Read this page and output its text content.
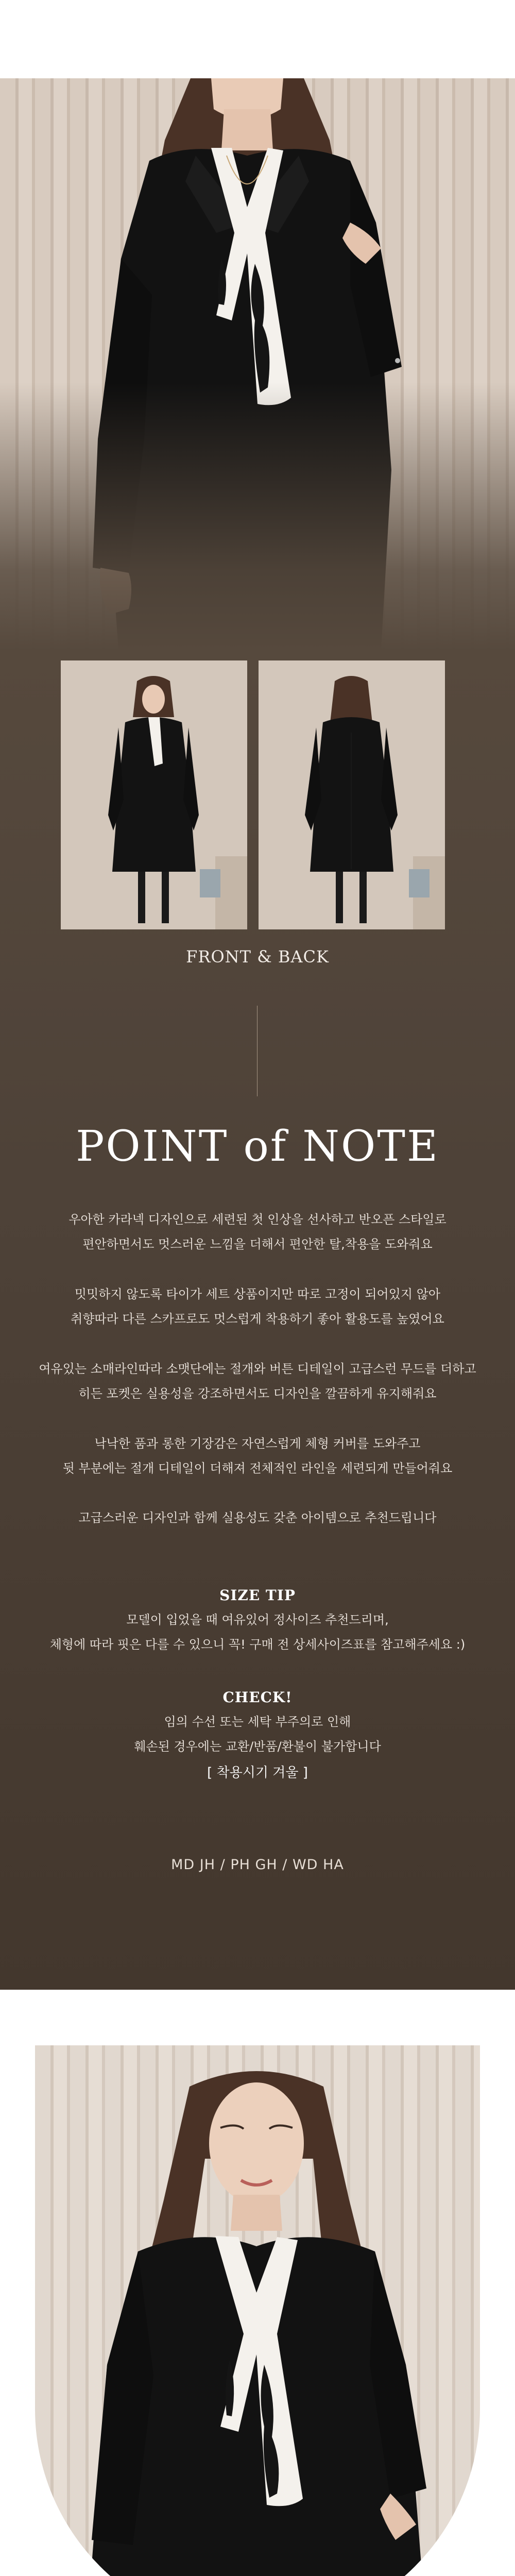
FRONT & BACK
POINT of NOTE
우아한 카라넥 디자인으로 세련된 첫 인상을 선사하고 반오픈 스타일로
편안하면서도 멋스러운 느낌을 더해서 편안한 탈,착용을 도와줘요
밋밋하지 않도록 타이가 세트 상품이지만 따로 고정이 되어있지 않아
취향따라 다른 스카프로도 멋스럽게 착용하기 좋아 활용도를 높였어요
여유있는 소매라인따라 소맷단에는 절개와 버튼 디테일이 고급스런 무드를 더하고
히든 포켓은 실용성을 강조하면서도 디자인을 깔끔하게 유지해줘요
낙낙한 품과 롱한 기장감은 자연스럽게 체형 커버를 도와주고
뒷 부분에는 절개 디테일이 더해져 전체적인 라인을 세련되게 만들어줘요
고급스러운 디자인과 함께 실용성도 갖춘 아이템으로 추천드립니다
SIZE TIP
모델이 입었을 때 여유있어 정사이즈 추천드리며,
체형에 따라 핏은 다를 수 있으니 꼭! 구매 전 상세사이즈표를 참고해주세요 :)
CHECK!
임의 수선 또는 세탁 부주의로 인해
훼손된 경우에는 교환/반품/환불이 불가합니다
[ 착용시기 겨울 ]
MD JH / PH GH / WD HA
